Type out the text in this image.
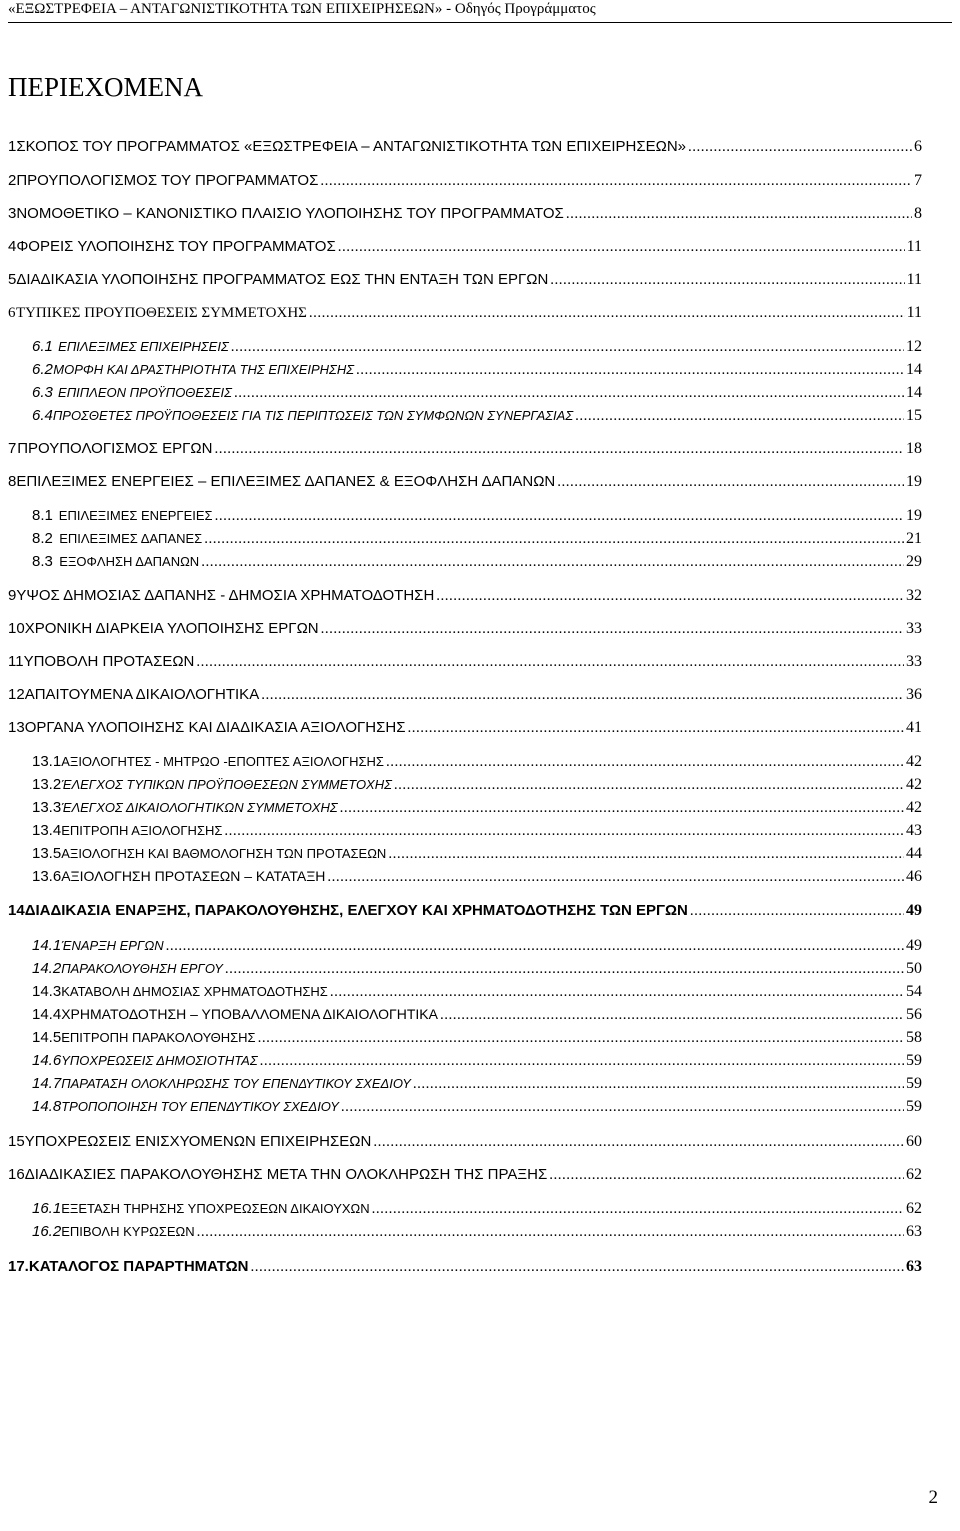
«ΕΞΩΣΤΡΕΦΕΙΑ – ΑΝΤΑΓΩΝΙΣΤΙΚΟΤΗΤΑ ΤΩΝ ΕΠΙΧΕΙΡΗΣΕΩΝ» - Οδηγός Προγράμματος
ΠΕΡΙΕΧΟΜΕΝΑ
1 ΣΚΟΠΟΣ ΤΟΥ ΠΡΟΓΡΑΜΜΑΤΟΣ «ΕΞΩΣΤΡΕΦΕΙΑ – ΑΝΤΑΓΩΝΙΣΤΙΚΟΤΗΤΑ ΤΩΝ ΕΠΙΧΕΙΡΗΣΕΩΝ» .....	6
2 ΠΡΟΥΠΟΛΟΓΙΣΜΟΣ ΤΟΥ ΠΡΟΓΡΑΜΜΑΤΟΣ .....	7
3 ΝΟΜΟΘΕΤΙΚΟ – ΚΑΝΟΝΙΣΤΙΚΟ ΠΛΑΙΣΙΟ ΥΛΟΠΟΙΗΣΗΣ ΤΟΥ ΠΡΟΓΡΑΜΜΑΤΟΣ .....	8
4 ΦΟΡΕΙΣ ΥΛΟΠΟΙΗΣΗΣ ΤΟΥ ΠΡΟΓΡΑΜΜΑΤΟΣ .....	11
5 ΔΙΑΔΙΚΑΣΙΑ ΥΛΟΠΟΙΗΣΗΣ ΠΡΟΓΡΑΜΜΑΤΟΣ ΕΩΣ ΤΗΝ ΕΝΤΑΞΗ ΤΩΝ ΕΡΓΩΝ .....	11
6 ΤΥΠΙΚΕΣ ΠΡΟΥΠΟΘΕΣΕΙΣ ΣΥΜΜΕΤΟΧΗΣ .....	11
6.1 ΕΠΙΛΕΞΙΜΕΣ ΕΠΙΧΕΙΡΗΣΕΙΣ .....	12
6.2 ΜΟΡΦΗ ΚΑΙ ΔΡΑΣΤΗΡΙΟΤΗΤΑ ΤΗΣ ΕΠΙΧΕΙΡΗΣΗΣ .....	14
6.3 ΕΠΙΠΛΕΟΝ ΠΡΟΫΠΟΘΕΣΕΙΣ .....	14
6.4 ΠΡΟΣΘΕΤΕΣ ΠΡΟΫΠΟΘΕΣΕΙΣ ΓΙΑ ΤΙΣ ΠΕΡΙΠΤΩΣΕΙΣ ΤΩΝ ΣΥΜΦΩΝΩΝ ΣΥΝΕΡΓΑΣΙΑΣ .....	15
7 ΠΡΟΥΠΟΛΟΓΙΣΜΟΣ ΕΡΓΩΝ .....	18
8 ΕΠΙΛΕΞΙΜΕΣ ΕΝΕΡΓΕΙΕΣ – ΕΠΙΛΕΞΙΜΕΣ ΔΑΠΑΝΕΣ & ΕΞΟΦΛΗΣΗ ΔΑΠΑΝΩΝ .....	19
8.1 ΕΠΙΛΕΞΙΜΕΣ ΕΝΕΡΓΕΙΕΣ .....	19
8.2 ΕΠΙΛΕΞΙΜΕΣ ΔΑΠΑΝΕΣ .....	21
8.3 ΕΞΟΦΛΗΣΗ ΔΑΠΑΝΩΝ .....	29
9 ΥΨΟΣ ΔΗΜΟΣΙΑΣ ΔΑΠΑΝΗΣ - ΔΗΜΟΣΙΑ ΧΡΗΜΑΤΟΔΟΤΗΣΗ .....	32
10 ΧΡΟΝΙΚΗ ΔΙΑΡΚΕΙΑ ΥΛΟΠΟΙΗΣΗΣ ΕΡΓΩΝ .....	33
11 ΥΠΟΒΟΛΗ ΠΡΟΤΑΣΕΩΝ .....	33
12 ΑΠΑΙΤΟΥΜΕΝΑ ΔΙΚΑΙΟΛΟΓΗΤΙΚΑ .....	36
13 ΟΡΓΑΝΑ ΥΛΟΠΟΙΗΣΗΣ ΚΑΙ ΔΙΑΔΙΚΑΣΙΑ ΑΞΙΟΛΟΓΗΣΗΣ .....	41
13.1 ΑΞΙΟΛΟΓΗΤΕΣ - ΜΗΤΡΩΟ -ΕΠΟΠΤΕΣ ΑΞΙΟΛΟΓΗΣΗΣ .....	42
13.2 ΈΛΕΓΧΟΣ ΤΥΠΙΚΩΝ ΠΡΟΫΠΟΘΕΣΕΩΝ ΣΥΜΜΕΤΟΧΗΣ .....	42
13.3 ΈΛΕΓΧΟΣ ΔΙΚΑΙΟΛΟΓΗΤΙΚΩΝ ΣΥΜΜΕΤΟΧΗΣ .....	42
13.4 ΕΠΙΤΡΟΠΗ ΑΞΙΟΛΟΓΗΣΗΣ .....	43
13.5 ΑΞΙΟΛΟΓΗΣΗ ΚΑΙ ΒΑΘΜΟΛΟΓΗΣΗ ΤΩΝ ΠΡΟΤΑΣΕΩΝ .....	44
13.6 ΑΞΙΟΛΟΓΗΣΗ ΠΡΟΤΑΣΕΩΝ – ΚΑΤΑΤΑΞΗ .....	46
14 ΔΙΑΔΙΚΑΣΙΑ ΕΝΑΡΞΗΣ, ΠΑΡΑΚΟΛΟΥΘΗΣΗΣ, ΕΛΕΓΧΟΥ ΚΑΙ ΧΡΗΜΑΤΟΔΟΤΗΣΗΣ ΤΩΝ ΕΡΓΩΝ .....	49
14.1 ΈΝΑΡΞΗ ΕΡΓΩΝ .....	49
14.2 ΠΑΡΑΚΟΛΟΥΘΗΣΗ ΕΡΓΟΥ .....	50
14.3 ΚΑΤΑΒΟΛΗ ΔΗΜΟΣΙΑΣ ΧΡΗΜΑΤΟΔΟΤΗΣΗΣ .....	54
14.4 ΧΡΗΜΑΤΟΔΟΤΗΣΗ – ΥΠΟΒΑΛΛΟΜΕΝΑ ΔΙΚΑΙΟΛΟΓΗΤΙΚΑ .....	56
14.5 ΕΠΙΤΡΟΠΗ ΠΑΡΑΚΟΛΟΥΘΗΣΗΣ .....	58
14.6 ΥΠΟΧΡΕΩΣΕΙΣ ΔΗΜΟΣΙΟΤΗΤΑΣ .....	59
14.7 ΠΑΡΑΤΑΣΗ ΟΛΟΚΛΗΡΩΣΗΣ ΤΟΥ ΕΠΕΝΔΥΤΙΚΟΥ ΣΧΕΔΙΟΥ .....	59
14.8 ΤΡΟΠΟΠΟΙΗΣΗ ΤΟΥ ΕΠΕΝΔΥΤΙΚΟΥ ΣΧΕΔΙΟΥ .....	59
15 ΥΠΟΧΡΕΩΣΕΙΣ ΕΝΙΣΧΥΟΜΕΝΩΝ ΕΠΙΧΕΙΡΗΣΕΩΝ .....	60
16 ΔΙΑΔΙΚΑΣΙΕΣ ΠΑΡΑΚΟΛΟΥΘΗΣΗΣ ΜΕΤΑ ΤΗΝ ΟΛΟΚΛΗΡΩΣΗ ΤΗΣ ΠΡΑΞΗΣ .....	62
16.1 ΕΞΕΤΑΣΗ ΤΗΡΗΣΗΣ ΥΠΟΧΡΕΩΣΕΩΝ ΔΙΚΑΙΟΥΧΩΝ .....	62
16.2 ΕΠΙΒΟΛΗ ΚΥΡΩΣΕΩΝ .....	63
17. ΚΑΤΑΛΟΓΟΣ ΠΑΡΑΡΤΗΜΑΤΩΝ .....	63
2
